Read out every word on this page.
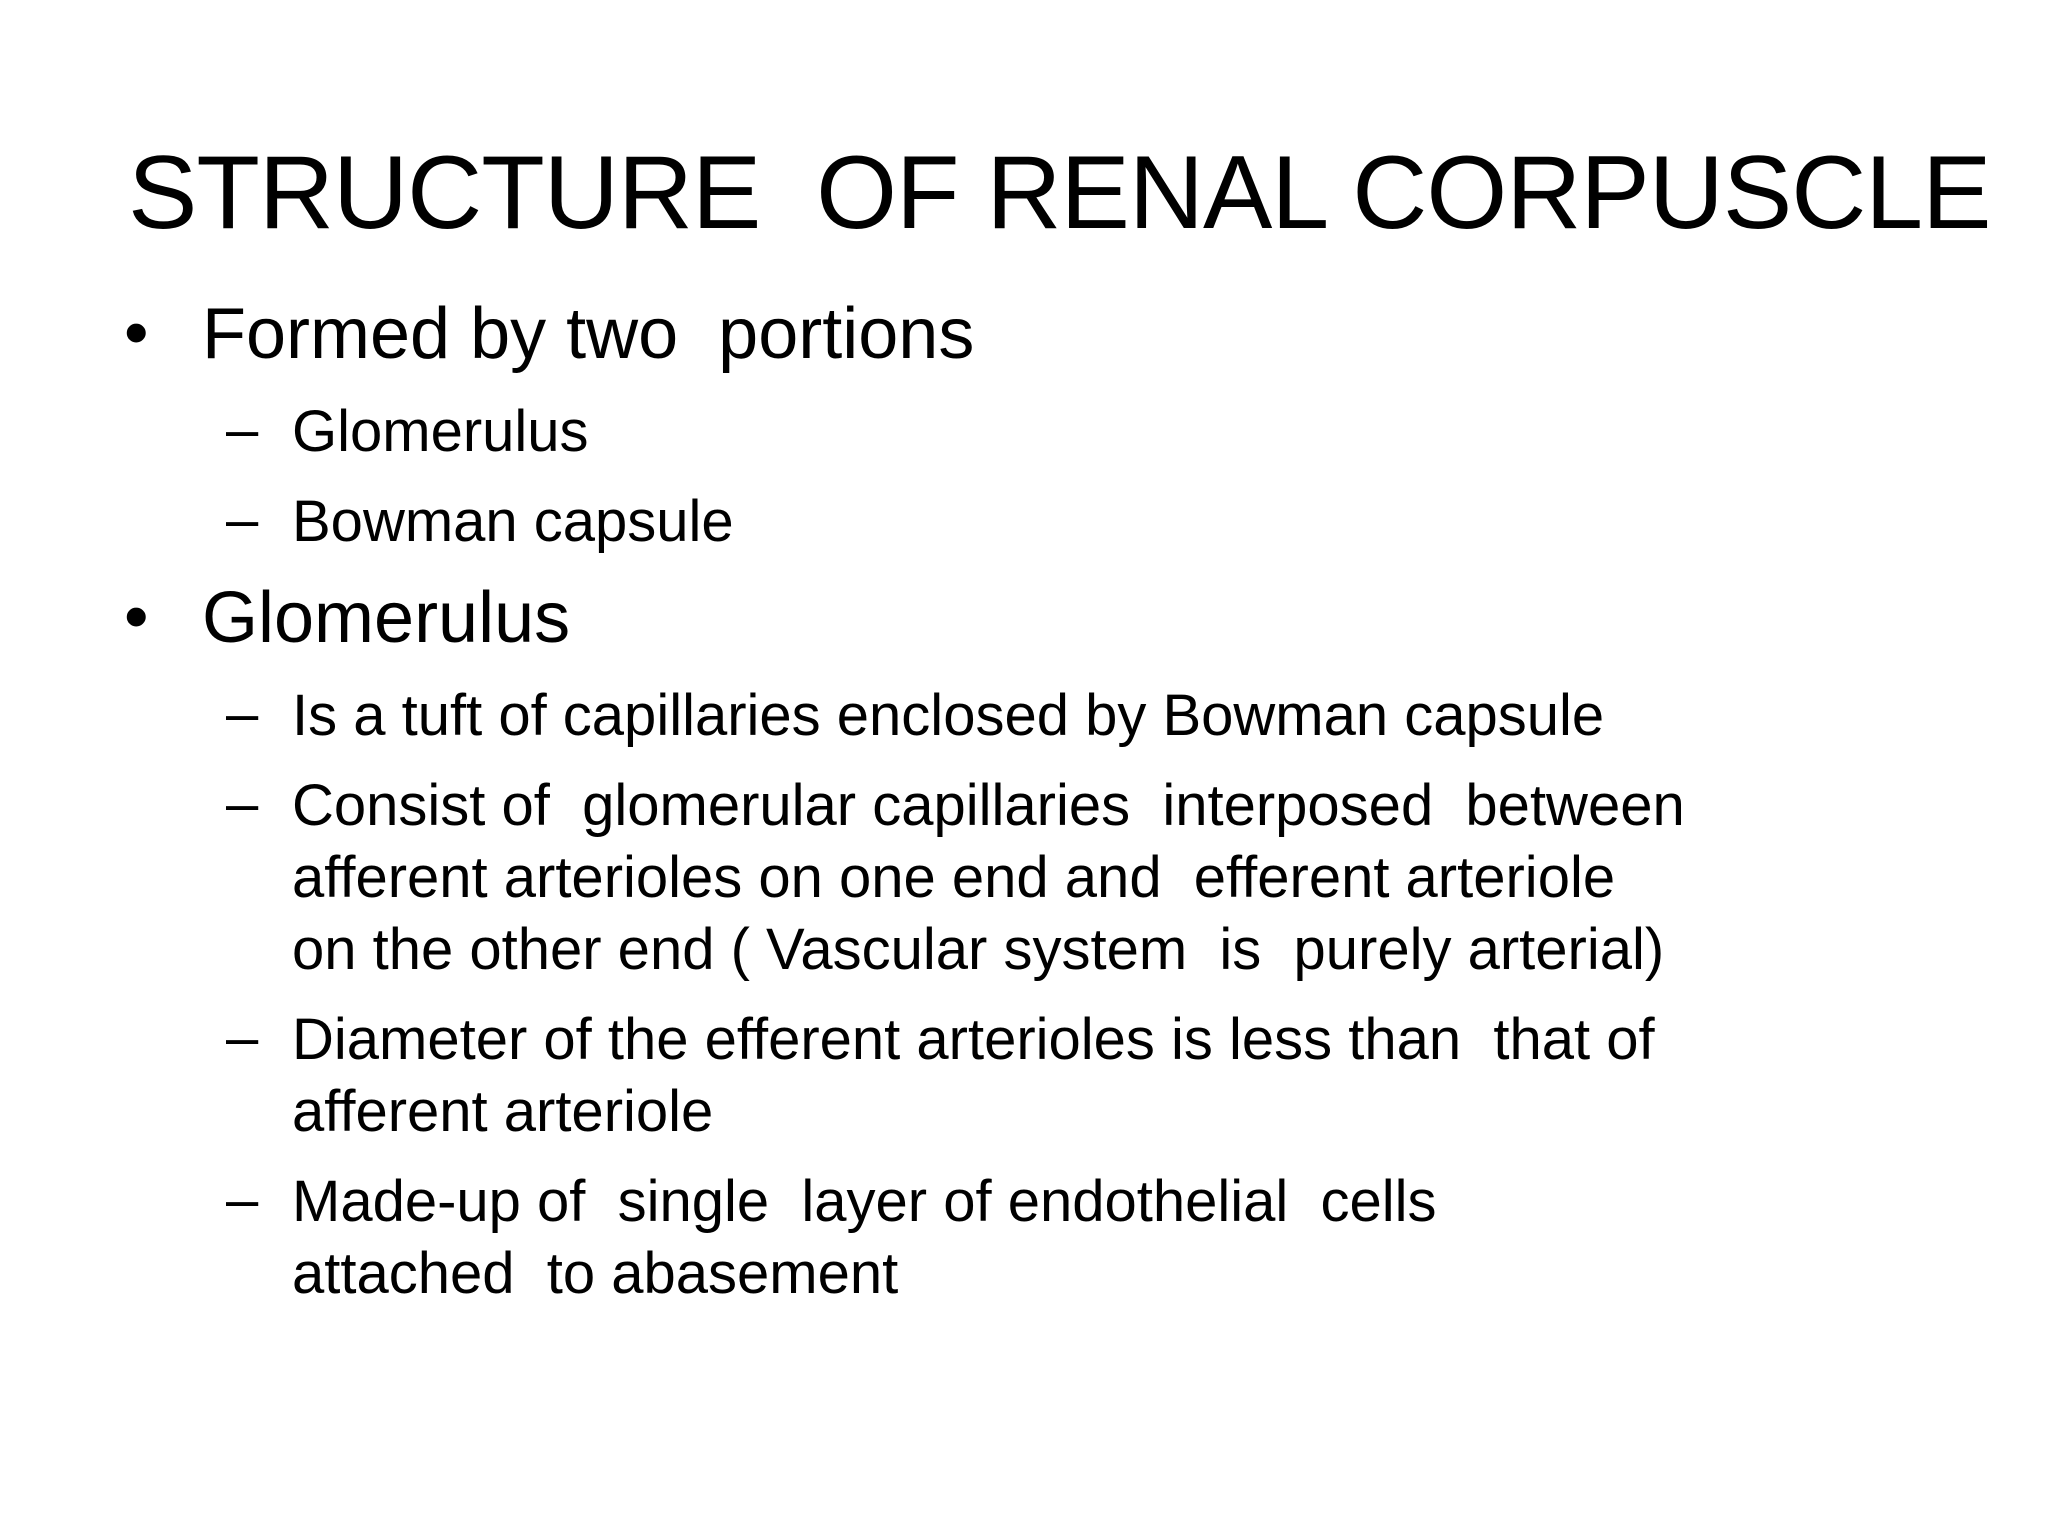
STRUCTURE  OF RENAL CORPUSCLE
• Formed by two  portions
– Glomerulus
– Bowman capsule
• Glomerulus
– Is a tuft of capillaries enclosed by Bowman capsule
– Consist of  glomerular capillaries  interposed  between
afferent arterioles on one end and  efferent arteriole
on the other end ( Vascular system  is  purely arterial)
– Diameter of the efferent arterioles is less than  that of
afferent arteriole
– Made-up of  single  layer of endothelial  cells
attached  to abasement
